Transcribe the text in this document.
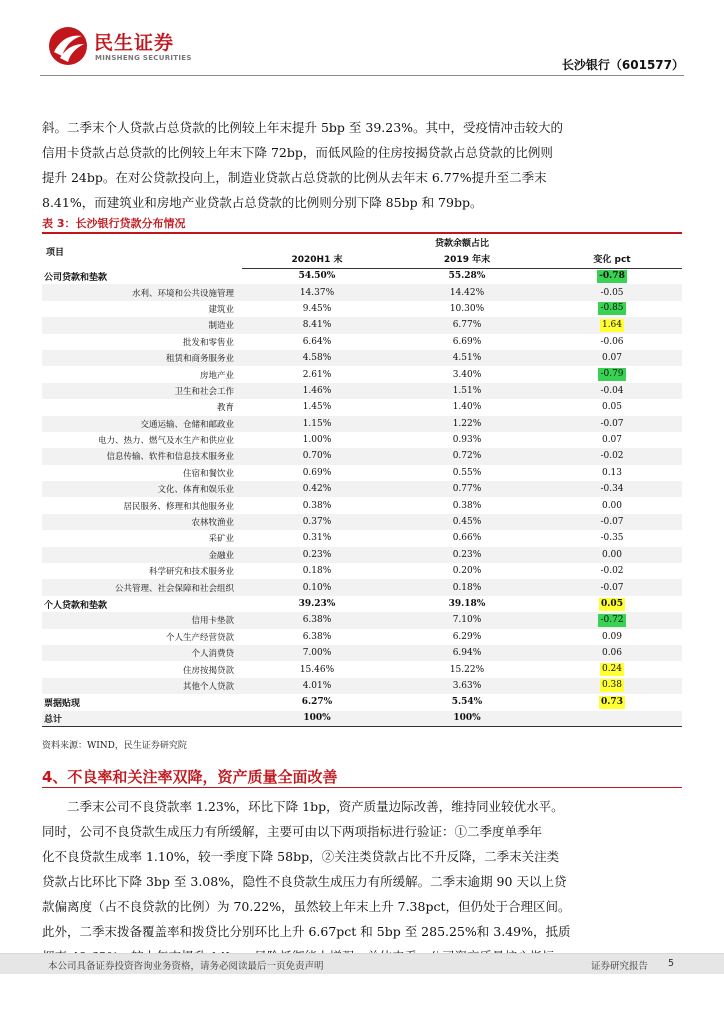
民生证券
MINSHENG SECURITIES	长沙银行（601577）

斜。二季末个人贷款占总贷款的比例较上年末提升 5bp 至 39.23%。其中，受疫情冲击较大的

信用卡贷款占总贷款的比例较上年末下降 72bp，而低风险的住房按揭贷款占总贷款的比例则

提升 24bp。在对公贷款投向上，制造业贷款占总贷款的比例从去年末 6.77%提升至二季末

8.41%，而建筑业和房地产业贷款占总贷款的比例则分别下降 85bp 和 79bp。

表 3：长沙银行贷款分布情况
项目	贷款余额占比		
	2020H1 末	2019 年末	变化 pct
公司贷款和垫款	54.50%	55.28%	-0.78
水利、环境和公共设施管理	14.37%	14.42%	-0.05
建筑业	9.45%	10.30%	-0.85
制造业	8.41%	6.77%	1.64
批发和零售业	6.64%	6.69%	-0.06
租赁和商务服务业	4.58%	4.51%	0.07
房地产业	2.61%	3.40%	-0.79
卫生和社会工作	1.46%	1.51%	-0.04
教育	1.45%	1.40%	0.05
交通运输、仓储和邮政业	1.15%	1.22%	-0.07
电力、热力、燃气及水生产和供应业	1.00%	0.93%	0.07
信息传输、软件和信息技术服务业	0.70%	0.72%	-0.02
住宿和餐饮业	0.69%	0.55%	0.13
文化、体育和娱乐业	0.42%	0.77%	-0.34
居民服务、修理和其他服务业	0.38%	0.38%	0.00
农林牧渔业	0.37%	0.45%	-0.07
采矿业	0.31%	0.66%	-0.35
金融业	0.23%	0.23%	0.00
科学研究和技术服务业	0.18%	0.20%	-0.02
公共管理、社会保障和社会组织	0.10%	0.18%	-0.07
个人贷款和垫款	39.23%	39.18%	0.05
信用卡垫款	6.38%	7.10%	-0.72
个人生产经营贷款	6.38%	6.29%	0.09
个人消费贷	7.00%	6.94%	0.06
住房按揭贷款	15.46%	15.22%	0.24
其他个人贷款	4.01%	3.63%	0.38
票据贴现	6.27%	5.54%	0.73
总计	100%	100%	
资料来源：WIND，民生证券研究院
4、不良率和关注率双降，资产质量全面改善

二季末公司不良贷款率 1.23%，环比下降 1bp，资产质量边际改善，维持同业较优水平。

同时，公司不良贷款生成压力有所缓解，主要可由以下两项指标进行验证：①二季度单季年

化不良贷款生成率 1.10%，较一季度下降 58bp，②关注类贷款占比不升反降，二季末关注类

贷款占比环比下降 3bp 至 3.08%，隐性不良贷款生成压力有所缓解。二季末逾期 90 天以上贷

款偏离度（占不良贷款的比例）为 70.22%，虽然较上年末上升 7.38pct，但仍处于合理区间。

此外，二季末拨备覆盖率和拨贷比分别环比上升 6.67pct 和 5bp 至 285.25%和 3.49%，抵质

本公司具备证券投资咨询业务资格，请务必阅读最后一页免责声明	证券研究报告 5
